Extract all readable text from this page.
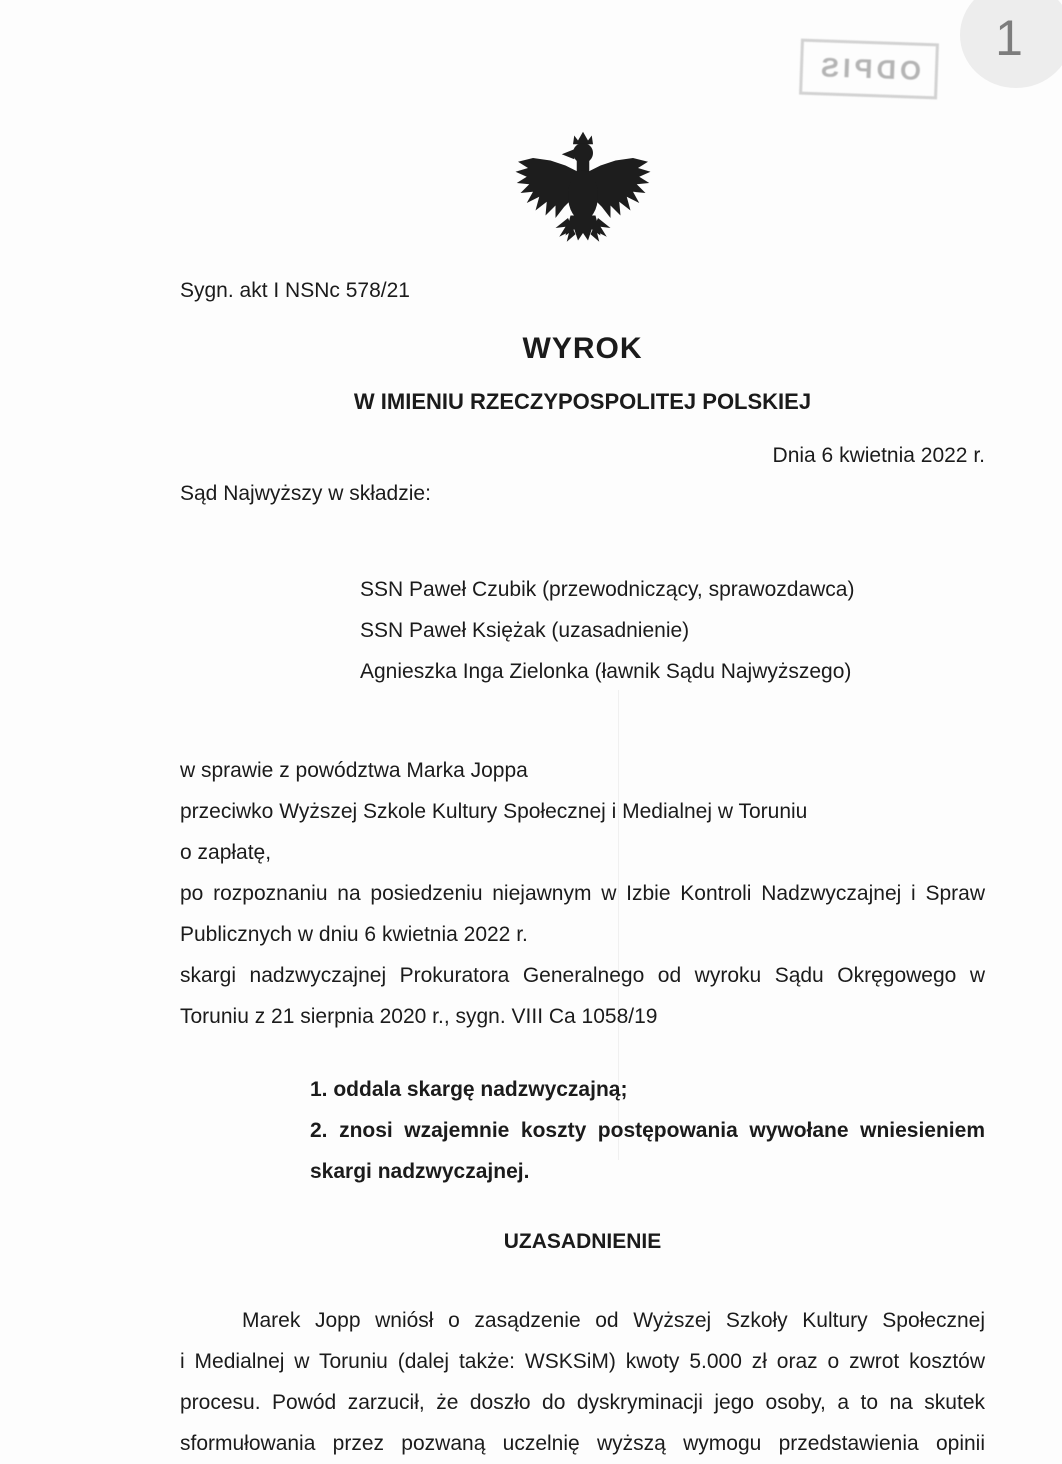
1
ODPIS

Sygn. akt I NSNc 578/21

WYROK
W IMIENIU RZECZYPOSPOLITEJ POLSKIEJ

Dnia 6 kwietnia 2022 r.

Sąd Najwyższy w składzie:

SSN Paweł Czubik (przewodniczący, sprawozdawca)

SSN Paweł Księżak (uzasadnienie)

Agnieszka Inga Zielonka (ławnik Sądu Najwyższego)

w sprawie z powództwa Marka Joppa

przeciwko Wyższej Szkole Kultury Społecznej i Medialnej w Toruniu

o zapłatę,

po rozpoznaniu na posiedzeniu niejawnym w Izbie Kontroli Nadzwyczajnej i Spraw

Publicznych w dniu 6 kwietnia 2022 r.

skargi nadzwyczajnej Prokuratora Generalnego od wyroku Sądu Okręgowego w

Toruniu z 21 sierpnia 2020 r., sygn. VIII Ca 1058/19

1. oddala skargę nadzwyczajną;

2. znosi wzajemnie koszty postępowania wywołane wniesieniem

skargi nadzwyczajnej.

UZASADNIENIE

Marek Jopp wniósł o zasądzenie od Wyższej Szkoły Kultury Społecznej

i Medialnej w Toruniu (dalej także: WSKSiM) kwoty 5.000 zł oraz o zwrot kosztów

procesu. Powód zarzucił, że doszło do dyskryminacji jego osoby, a to na skutek

sformułowania przez pozwaną uczelnię wyższą wymogu przedstawienia opinii
